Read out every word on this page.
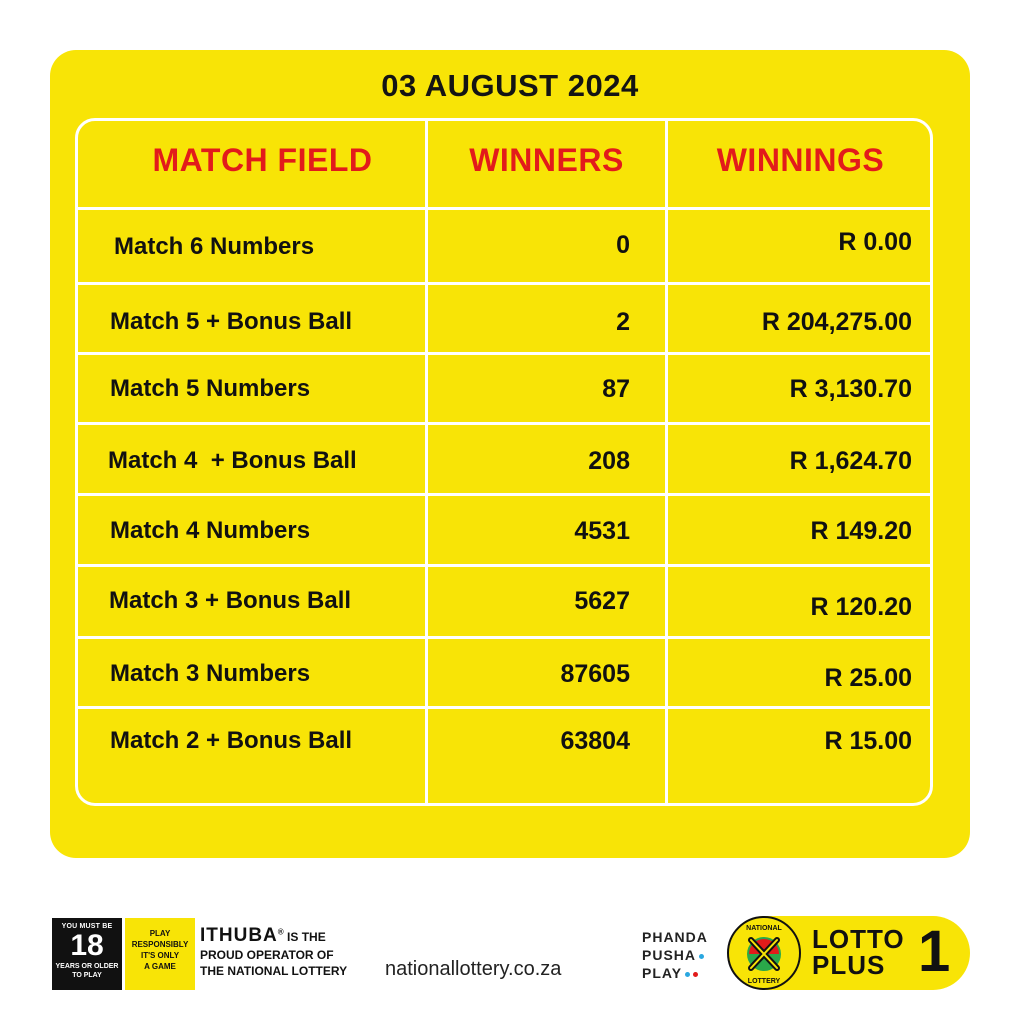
03 AUGUST 2024
MATCH FIELD	WINNERS	WINNINGS
Match 6 Numbers	0	R 0.00
Match 5 + Bonus Ball	2	R 204,275.00
Match 5 Numbers	87	R 3,130.70
Match 4  + Bonus Ball	208	R 1,624.70
Match 4 Numbers	4531	R 149.20
Match 3 + Bonus Ball	5627	R 120.20
Match 3 Numbers	87605	R 25.00
Match 2 + Bonus Ball	63804	R 15.00
YOU MUST BE
18
YEARS OR OLDER TO PLAY
PLAY
RESPONSIBLY
IT'S ONLY
A GAME
ITHUBA® IS THE
PROUD OPERATOR OF
THE NATIONAL LOTTERY nationallottery.co.za
PHANDA
PUSHA
PLAY
NATIONAL
LOTTERY
LOTTO
PLUS 1
